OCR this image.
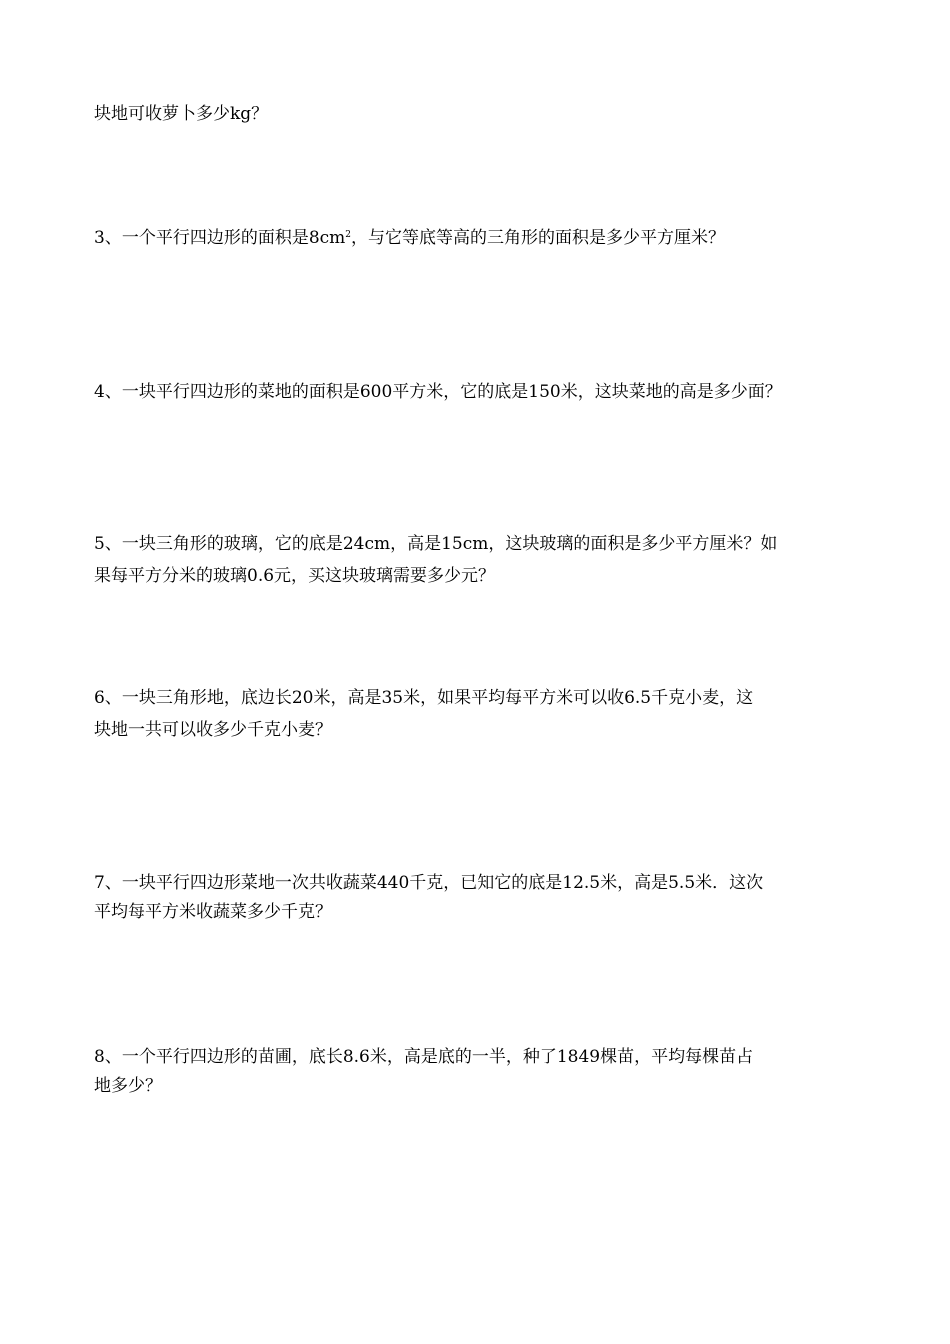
块地可收萝卜多少kg？
3、一个平行四边形的面积是$8cm^2$，与它等底等高的三角形的面积是多少平方厘米？
4、一块平行四边形的菜地的面积是600平方米，它的底是150米，这块菜地的高是多少面？
5、一块三角形的玻璃，它的底是24cm，高是15cm，这块玻璃的面积是多少平方厘米？如
果每平方分米的玻璃0.6元，买这块玻璃需要多少元？
6、一块三角形地，底边长20米，高是35米，如果平均每平方米可以收6.5千克小麦，这
块地一共可以收多少千克小麦？
7、一块平行四边形菜地一次共收蔬菜440千克，已知它的底是12.5米，高是5.5米．这次
平均每平方米收蔬菜多少千克？
8、一个平行四边形的苗圃，底长8.6米，高是底的一半，种了1849棵苗，平均每棵苗占
地多少？
